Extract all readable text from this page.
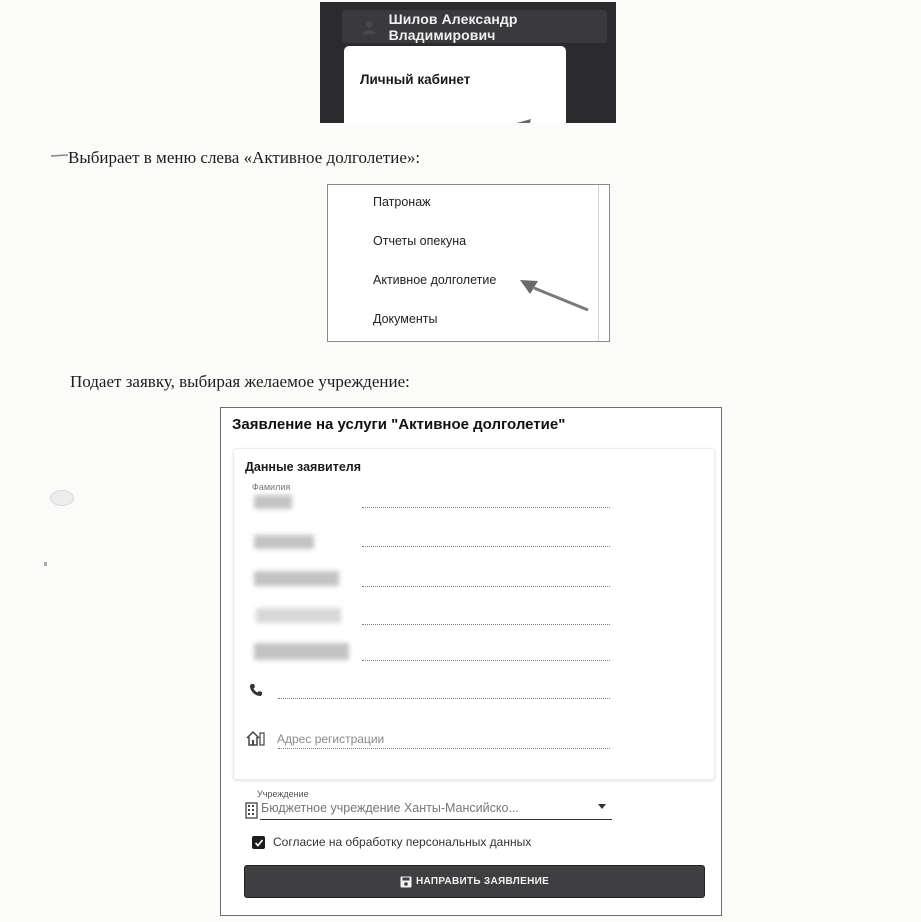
Шилов Александр Владимирович
Личный кабинет
Выбирает в меню слева «Активное долголетие»:
Патронаж
Отчеты опекуна
Активное долголетие
Документы
Подает заявку, выбирая желаемое учреждение:
Заявление на услуги "Активное долголетие"
Данные заявителя
Фамилия
Адрес регистрации
Учреждение
Бюджетное учреждение Ханты-Мансийско...
Согласие на обработку персональных данных
НАПРАВИТЬ ЗАЯВЛЕНИЕ
